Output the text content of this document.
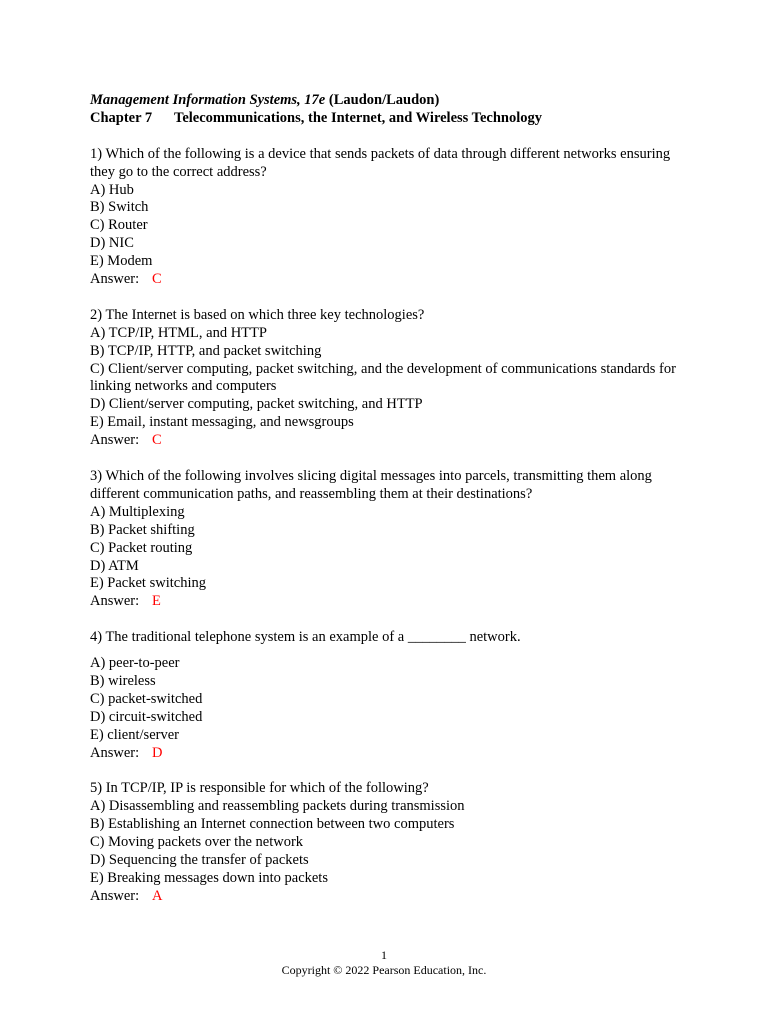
Management Information Systems, 17e (Laudon/Laudon)

Chapter 7 Telecommunications, the Internet, and Wireless Technology

1) Which of the following is a device that sends packets of data through different networks ensuring they go to the correct address?

A) Hub

B) Switch

C) Router

D) NIC

E) Modem

Answer: C

2) The Internet is based on which three key technologies?

A) TCP/IP, HTML, and HTTP

B) TCP/IP, HTTP, and packet switching

C) Client/server computing, packet switching, and the development of communications standards for linking networks and computers

D) Client/server computing, packet switching, and HTTP

E) Email, instant messaging, and newsgroups

Answer: C

3) Which of the following involves slicing digital messages into parcels, transmitting them along different communication paths, and reassembling them at their destinations?

A) Multiplexing

B) Packet shifting

C) Packet routing

D) ATM

E) Packet switching

Answer: E

4) The traditional telephone system is an example of a ________ network.

A) peer-to-peer

B) wireless

C) packet-switched

D) circuit-switched

E) client/server

Answer: D

5) In TCP/IP, IP is responsible for which of the following?

A) Disassembling and reassembling packets during transmission

B) Establishing an Internet connection between two computers

C) Moving packets over the network

D) Sequencing the transfer of packets

E) Breaking messages down into packets

Answer: A

1
Copyright © 2022 Pearson Education, Inc.
